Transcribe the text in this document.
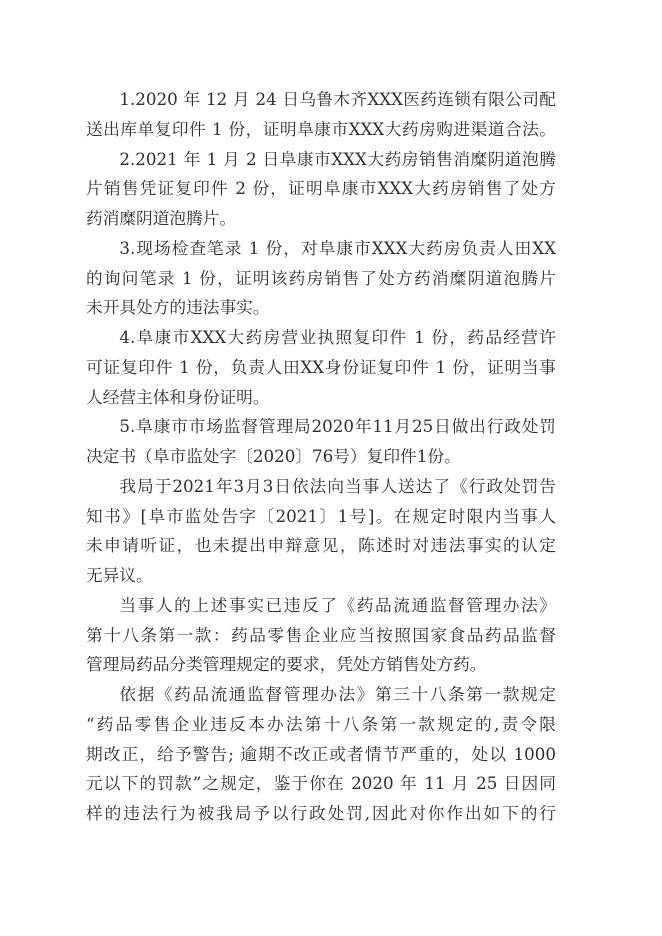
1.2020 年 12 月 24 日乌鲁木齐XXX医药连锁有限公司配
送出库单复印件 1 份，证明阜康市XXX大药房购进渠道合法。
2.2021 年 1 月 2 日阜康市XXX大药房销售消糜阴道泡腾
片销售凭证复印件 2 份，证明阜康市XXX大药房销售了处方
药消糜阴道泡腾片。
3.现场检查笔录 1 份，对阜康市XXX大药房负责人田XX
的询问笔录 1 份，证明该药房销售了处方药消糜阴道泡腾片
未开具处方的违法事实。
4.阜康市XXX大药房营业执照复印件 1 份，药品经营许
可证复印件 1 份，负责人田XX身份证复印件 1 份，证明当事
人经营主体和身份证明。
5.阜康市市场监督管理局2020年11月25日做出行政处罚
决定书（阜市监处字〔2020〕76号）复印件1份。
我局于2021年3月3日依法向当事人送达了《行政处罚告
知书》[阜市监处告字〔2021〕1号]。在规定时限内当事人
未申请听证，也未提出申辩意见，陈述时对违法事实的认定
无异议。
当事人的上述事实已违反了《药品流通监督管理办法》
第十八条第一款：药品零售企业应当按照国家食品药品监督
管理局药品分类管理规定的要求，凭处方销售处方药。
依据《药品流通监督管理办法》第三十八条第一款规定
“药品零售企业违反本办法第十八条第一款规定的,责令限
期改正，给予警告; 逾期不改正或者情节严重的，处以 1000
元以下的罚款”之规定，鉴于你在 2020 年 11 月 25 日因同
样的违法行为被我局予以行政处罚,因此对你作出如下的行
